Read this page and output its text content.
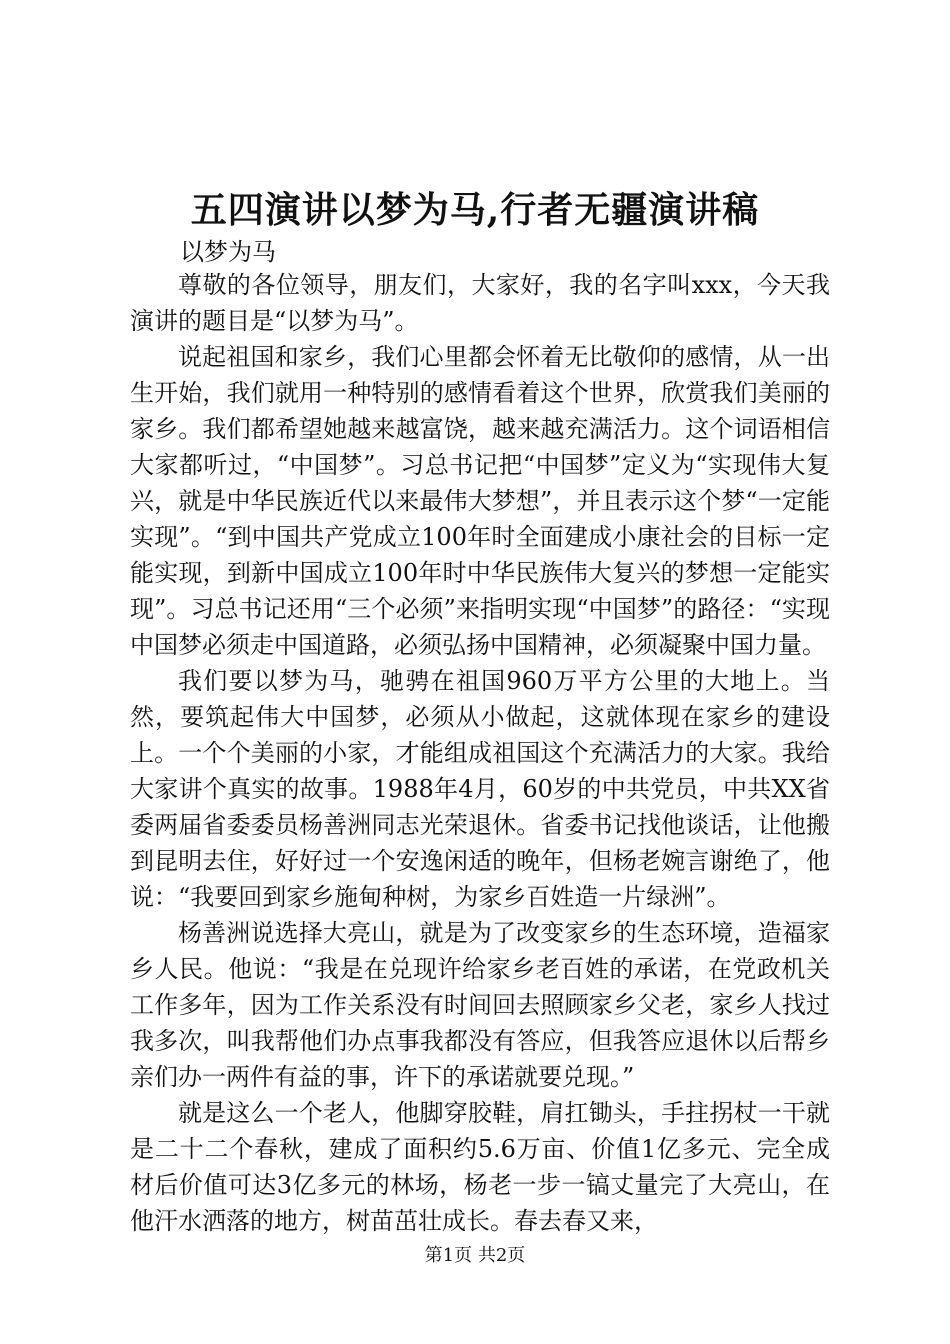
五四演讲以梦为马,行者无疆演讲稿
以梦为马

尊敬的各位领导，朋友们，大家好，我的名字叫xxx，今天我演讲的题目是“以梦为马”。

说起祖国和家乡，我们心里都会怀着无比敬仰的感情，从一出生开始，我们就用一种特别的感情看着这个世界，欣赏我们美丽的家乡。我们都希望她越来越富饶，越来越充满活力。这个词语相信大家都听过，“中国梦”。习总书记把“中国梦”定义为“实现伟大复兴，就是中华民族近代以来最伟大梦想”，并且表示这个梦“一定能实现”。“到中国共产党成立100年时全面建成小康社会的目标一定能实现，到新中国成立100年时中华民族伟大复兴的梦想一定能实现”。习总书记还用“三个必须”来指明实现“中国梦”的路径：“实现中国梦必须走中国道路，必须弘扬中国精神，必须凝聚中国力量。

我们要以梦为马，驰骋在祖国960万平方公里的大地上。当然，要筑起伟大中国梦，必须从小做起，这就体现在家乡的建设上。一个个美丽的小家，才能组成祖国这个充满活力的大家。我给大家讲个真实的故事。1988年4月，60岁的中共党员，中共XX省委两届省委委员杨善洲同志光荣退休。省委书记找他谈话，让他搬到昆明去住，好好过一个安逸闲适的晚年，但杨老婉言谢绝了，他说：“我要回到家乡施甸种树，为家乡百姓造一片绿洲”。

杨善洲说选择大亮山，就是为了改变家乡的生态环境，造福家乡人民。他说：“我是在兑现许给家乡老百姓的承诺，在党政机关工作多年，因为工作关系没有时间回去照顾家乡父老，家乡人找过我多次，叫我帮他们办点事我都没有答应，但我答应退休以后帮乡亲们办一两件有益的事，许下的承诺就要兑现。”

就是这么一个老人，他脚穿胶鞋，肩扛锄头，手拄拐杖一干就是二十二个春秋，建成了面积约5.6万亩、价值1亿多元、完全成材后价值可达3亿多元的林场，杨老一步一镐丈量完了大亮山，在他汗水洒落的地方，树苗茁壮成长。春去春又来，

第1页 共2页
